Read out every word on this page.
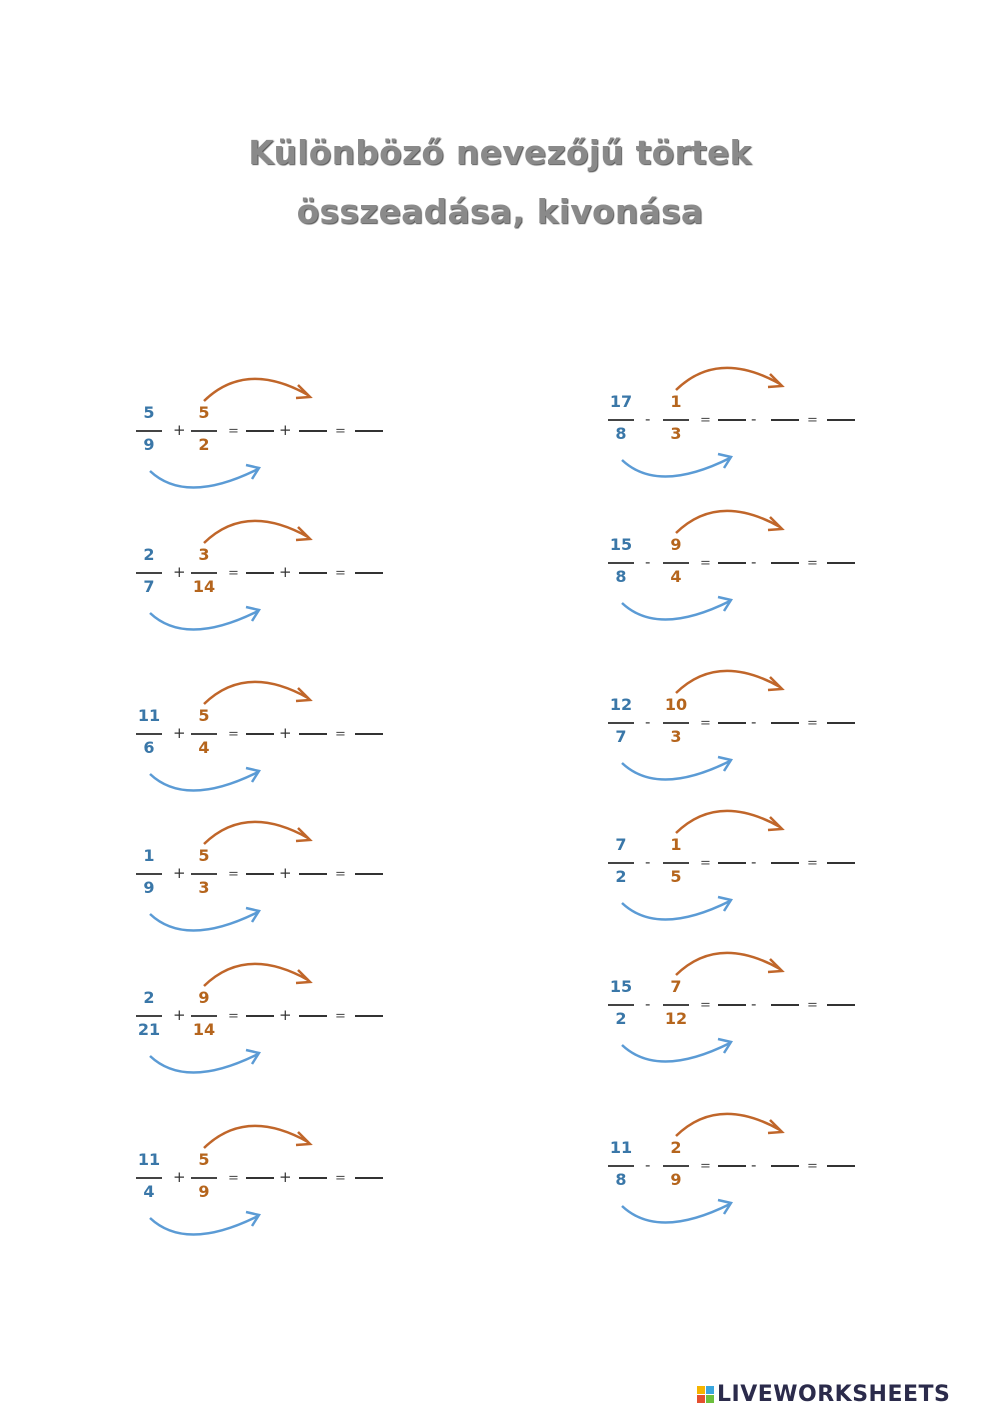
Különböző nevezőjű törtek
összeadása, kivonása
5
9
5
2
+	=	+	=
2
7
3
14
+	=	+	=
11
6
5
4
+	=	+	=
1
9
5
3
+	=	+	=
2
21
9
14
+	=	+	=
11
4
5
9
+	=	+	=
17
8
1
3
-	=	-	=
15
8
9
4
-	=	-	=
12
7
10
3
-	=	-	=
7
2
1
5
-	=	-	=
15
2
7
12
-	=	-	=
11
8
2
9
-	=	-	=
LIVEWORKSHEETS
